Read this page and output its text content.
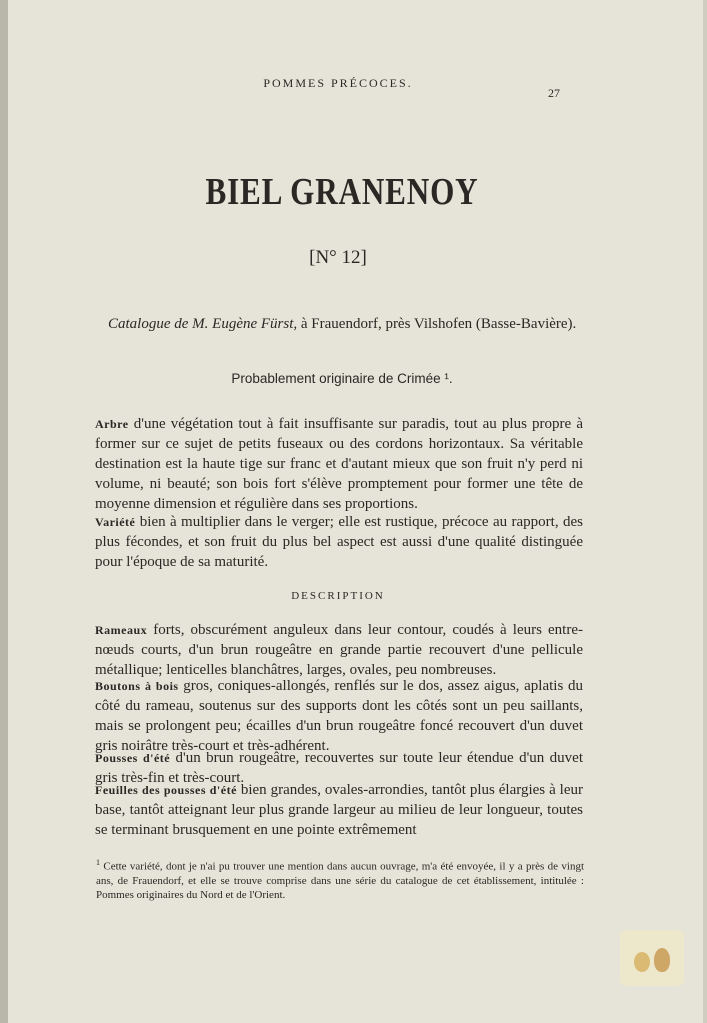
POMMES PRÉCOCES.
27
BIEL GRANENOY
[N° 12]
Catalogue de M. Eugène Fürst, à Frauendorf, près Vilshofen (Basse-Bavière).
Probablement originaire de Crimée ¹.
Arbre d'une végétation tout à fait insuffisante sur paradis, tout au plus propre à former sur ce sujet de petits fuseaux ou des cordons horizontaux. Sa véritable destination est la haute tige sur franc et d'autant mieux que son fruit n'y perd ni volume, ni beauté; son bois fort s'élève promptement pour former une tête de moyenne dimension et régulière dans ses proportions.
Variété bien à multiplier dans le verger; elle est rustique, précoce au rapport, des plus fécondes, et son fruit du plus bel aspect est aussi d'une qualité distinguée pour l'époque de sa maturité.
DESCRIPTION
Rameaux forts, obscurément anguleux dans leur contour, coudés à leurs entre-nœuds courts, d'un brun rougeâtre en grande partie recouvert d'une pellicule métallique; lenticelles blanchâtres, larges, ovales, peu nombreuses.
Boutons à bois gros, coniques-allongés, renflés sur le dos, assez aigus, aplatis du côté du rameau, soutenus sur des supports dont les côtés sont un peu saillants, mais se prolongent peu; écailles d'un brun rougeâtre foncé recouvert d'un duvet gris noirâtre très-court et très-adhérent.
Pousses d'été d'un brun rougeâtre, recouvertes sur toute leur étendue d'un duvet gris très-fin et très-court.
Feuilles des pousses d'été bien grandes, ovales-arrondies, tantôt plus élargies à leur base, tantôt atteignant leur plus grande largeur au milieu de leur longueur, toutes se terminant brusquement en une pointe extrêmement
$^1$ Cette variété, dont je n'ai pu trouver une mention dans aucun ouvrage, m'a été envoyée, il y a près de vingt ans, de Frauendorf, et elle se trouve comprise dans une série du catalogue de cet établissement, intitulée : Pommes originaires du Nord et de l'Orient.
